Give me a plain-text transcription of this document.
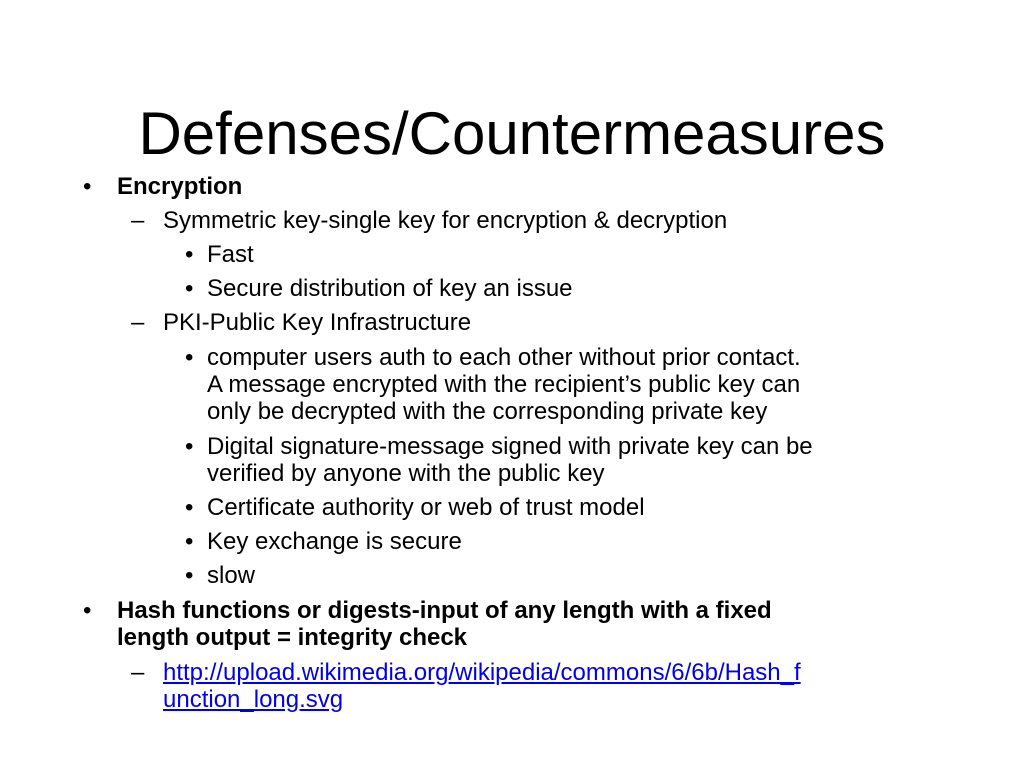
Defenses/Countermeasures
• Encryption
– Symmetric key-single key for encryption & decryption
• Fast
• Secure distribution of key an issue
– PKI-Public Key Infrastructure
• computer users auth to each other without prior contact.
A message encrypted with the recipient’s public key can
only be decrypted with the corresponding private key
• Digital signature-message signed with private key can be
verified by anyone with the public key
• Certificate authority or web of trust model
• Key exchange is secure
• slow
• Hash functions or digests-input of any length with a fixed
length output = integrity check
– http://upload.wikimedia.org/wikipedia/commons/6/6b/Hash_f
unction_long.svg
